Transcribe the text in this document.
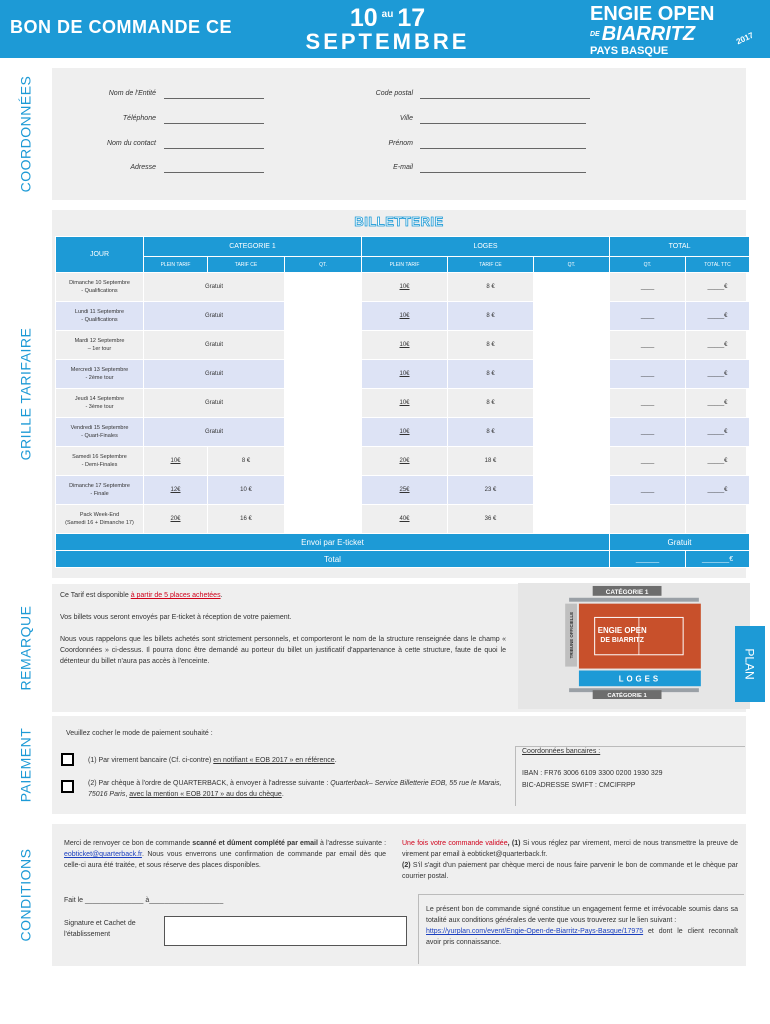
BON DE COMMANDE CE	10 $^{au}$ 17
SEPTEMBRE
ENGIE OPEN
$^{DE}$ BIARRITZ
PAYS BASQUE
2017
COORDONNÉES
GRILLE TARIFAIRE
REMARQUE
PAIEMENT
CONDITIONS
Nom de l'Entité
Téléphone
Nom du contact
Adresse
Code postal
Ville
Prénom
E-mail
BILLETTERIE
JOUR	CATEGORIE 1			LOGES			TOTAL	
	PLEIN TARIF	TARIF CE	QT.	PLEIN TARIF	TARIF CE	QT.	QT.	TOTAL TTC

Dimanche 10 Septembre
- Qualifications	Gratuit			10€	8 €		____	_____€

Lundi 11 Septembre
- Qualifications	Gratuit			10€	8 €		____	_____€

Mardi 12 Septembre
– 1er tour	Gratuit			10€	8 €		____	_____€

Mercredi 13 Septembre
- 2ème tour	Gratuit			10€	8 €		____	_____€

Jeudi 14 Septembre
- 3ème tour	Gratuit			10€	8 €		____	_____€

Vendredi 15 Septembre
- Quart-Finales	Gratuit			10€	8 €		____	_____€

Samedi 16 Septembre
- Demi-Finales	10€	8 €		20€	18 €		____	_____€

Dimanche 17 Septembre
- Finale	12€	10 €		25€	23 €		____	_____€

Pack Week-End
(Samedi 16 + Dimanche 17)	20€	16 €		40€	36 €			
Envoi par E-ticket							Gratuit	
Total							______	_______€

Ce Tarif est disponible à partir de 5 places achetées.

Vos billets vous seront envoyés par E-ticket à réception de votre paiement.

Nous vous rappelons que les billets achetés sont strictement personnels, et comporteront le nom de la structure renseignée dans le champ « Coordonnées » ci-dessus. Il pourra donc être demandé au porteur du billet un justificatif d'appartenance à cette structure, faute de quoi le détenteur du billet n'aura pas accès à l'enceinte.

CATÉGORIE 1
TRIBUNE OFFICIELLE	ENGIE OPEN
DE BIARRITZ
LOGES
CATÉGORIE 1
PLAN
Veuillez cocher le mode de paiement souhaité :
(1) Par virement bancaire (Cf. ci-contre) en notifiant « EOB 2017 » en référence.
(2) Par chèque à l'ordre de QUARTERBACK, à envoyer à l'adresse suivante : Quarterback– Service Billetterie EOB, 55 rue le Marais, 75016 Paris, avec la mention « EOB 2017 » au dos du chèque.
Coordonnées bancaires :
IBAN : FR76 3006 6109 3300 0200 1930 329
BIC-ADRESSE SWIFT : CMCIFRPP
Merci de renvoyer ce bon de commande scanné et dûment complété par email à l'adresse suivante : eobticket@quarterback.fr. Nous vous enverrons une confirmation de commande par email dès que celle-ci aura été traitée, et sous réserve des places disponibles.
Une fois votre commande validée, (1) Si vous réglez par virement, merci de nous transmettre la preuve de virement par email à eobticket@quarterback.fr.
(2) S'il s'agit d'un paiement par chèque merci de nous faire parvenir le bon de commande et le chèque par courrier postal.
Fait le _______________ à___________________
Signature et Cachet de l'établissement
Le présent bon de commande signé constitue un engagement ferme et irrévocable soumis dans sa totalité aux conditions générales de vente que vous trouverez sur le lien suivant :
https://yurplan.com/event/Engie-Open-de-Biarritz-Pays-Basque/17975 et dont le client reconnaît avoir pris connaissance.
